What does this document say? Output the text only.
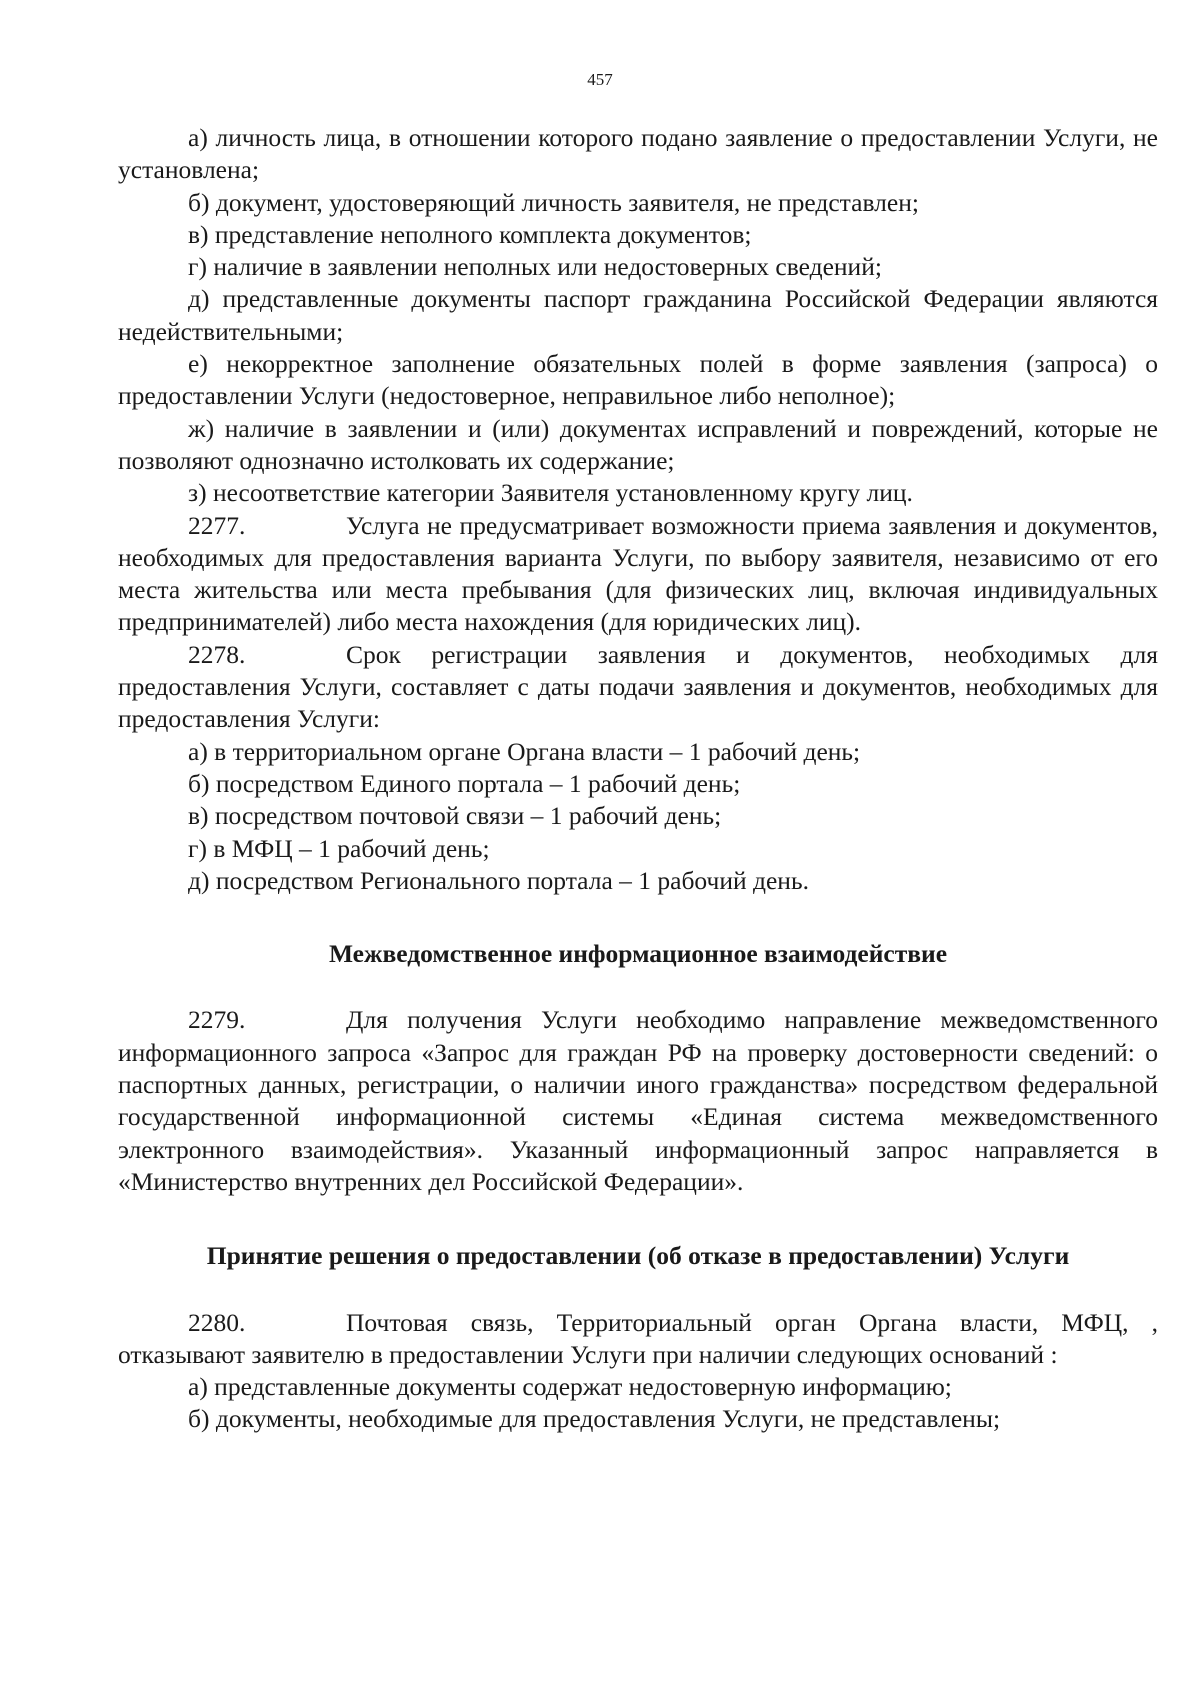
457

а) личность лица, в отношении которого подано заявление о предоставлении Услуги, не установлена;

б) документ, удостоверяющий личность заявителя, не представлен;

в) представление неполного комплекта документов;

г) наличие в заявлении неполных или недостоверных сведений;

д) представленные документы паспорт гражданина Российской Федерации являются недействительными;

е) некорректное заполнение обязательных полей в форме заявления (запроса) о предоставлении Услуги (недостоверное, неправильное либо неполное);

ж) наличие в заявлении и (или) документах исправлений и повреждений, которые не позволяют однозначно истолковать их содержание;

з) несоответствие категории Заявителя установленному кругу лиц.

2277.	Услуга не предусматривает возможности приема заявления и документов, необходимых для предоставления варианта Услуги, по выбору заявителя, независимо от его места жительства или места пребывания (для физических лиц, включая индивидуальных предпринимателей) либо места нахождения (для юридических лиц).

2278.	Срок регистрации заявления и документов, необходимых для предоставления Услуги, составляет с даты подачи заявления и документов, необходимых для предоставления Услуги:

а) в территориальном органе Органа власти – 1 рабочий день;

б) посредством Единого портала – 1 рабочий день;

в) посредством почтовой связи – 1 рабочий день;

г) в МФЦ – 1 рабочий день;

д) посредством Регионального портала – 1 рабочий день.

Межведомственное информационное взаимодействие

2279.	Для получения Услуги необходимо направление межведомственного информационного запроса «Запрос для граждан РФ на проверку достоверности сведений: о паспортных данных, регистрации, о наличии иного гражданства» посредством федеральной государственной информационной системы «Единая система межведомственного электронного взаимодействия». Указанный информационный запрос направляется в «Министерство внутренних дел Российской Федерации».

Принятие решения о предоставлении (об отказе в предоставлении) Услуги

2280.	Почтовая связь, Территориальный орган Органа власти, МФЦ, , отказывают заявителю в предоставлении Услуги при наличии следующих оснований :

а) представленные документы содержат недостоверную информацию;

б) документы, необходимые для предоставления Услуги, не представлены;
